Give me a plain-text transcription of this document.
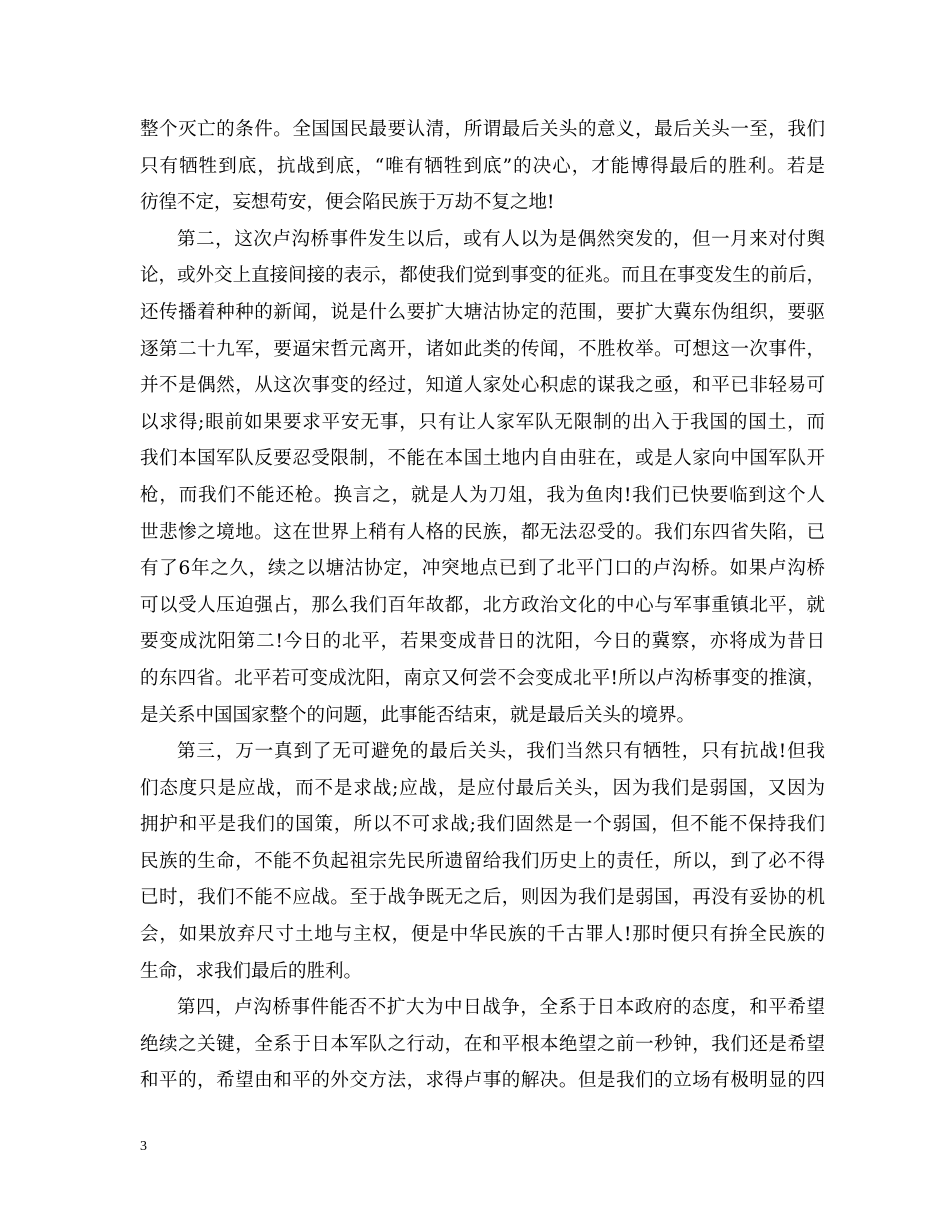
整个灭亡的条件。全国国民最要认清，所谓最后关头的意义，最后关头一至，我们
只有牺牲到底，抗战到底，“唯有牺牲到底”的决心，才能博得最后的胜利。若是
彷徨不定，妄想苟安，便会陷民族于万劫不复之地!
第二，这次卢沟桥事件发生以后，或有人以为是偶然突发的，但一月来对付舆
论，或外交上直接间接的表示，都使我们觉到事变的征兆。而且在事变发生的前后，
还传播着种种的新闻，说是什么要扩大塘沽协定的范围，要扩大冀东伪组织，要驱
逐第二十九军，要逼宋哲元离开，诸如此类的传闻，不胜枚举。可想这一次事件，
并不是偶然，从这次事变的经过，知道人家处心积虑的谋我之亟，和平已非轻易可
以求得;眼前如果要求平安无事，只有让人家军队无限制的出入于我国的国土，而
我们本国军队反要忍受限制，不能在本国土地内自由驻在，或是人家向中国军队开
枪，而我们不能还枪。换言之，就是人为刀俎，我为鱼肉!我们已快要临到这个人
世悲惨之境地。这在世界上稍有人格的民族，都无法忍受的。我们东四省失陷，已
有了6年之久，续之以塘沽协定，冲突地点已到了北平门口的卢沟桥。如果卢沟桥
可以受人压迫强占，那么我们百年故都，北方政治文化的中心与军事重镇北平，就
要变成沈阳第二!今日的北平，若果变成昔日的沈阳，今日的冀察，亦将成为昔日
的东四省。北平若可变成沈阳，南京又何尝不会变成北平!所以卢沟桥事变的推演，
是关系中国国家整个的问题，此事能否结束，就是最后关头的境界。
第三，万一真到了无可避免的最后关头，我们当然只有牺牲，只有抗战!但我
们态度只是应战，而不是求战;应战，是应付最后关头，因为我们是弱国，又因为
拥护和平是我们的国策，所以不可求战;我们固然是一个弱国，但不能不保持我们
民族的生命，不能不负起祖宗先民所遗留给我们历史上的责任，所以，到了必不得
已时，我们不能不应战。至于战争既无之后，则因为我们是弱国，再没有妥协的机
会，如果放弃尺寸土地与主权，便是中华民族的千古罪人!那时便只有拚全民族的
生命，求我们最后的胜利。
第四，卢沟桥事件能否不扩大为中日战争，全系于日本政府的态度，和平希望
绝续之关键，全系于日本军队之行动，在和平根本绝望之前一秒钟，我们还是希望
和平的，希望由和平的外交方法，求得卢事的解决。但是我们的立场有极明显的四
3
